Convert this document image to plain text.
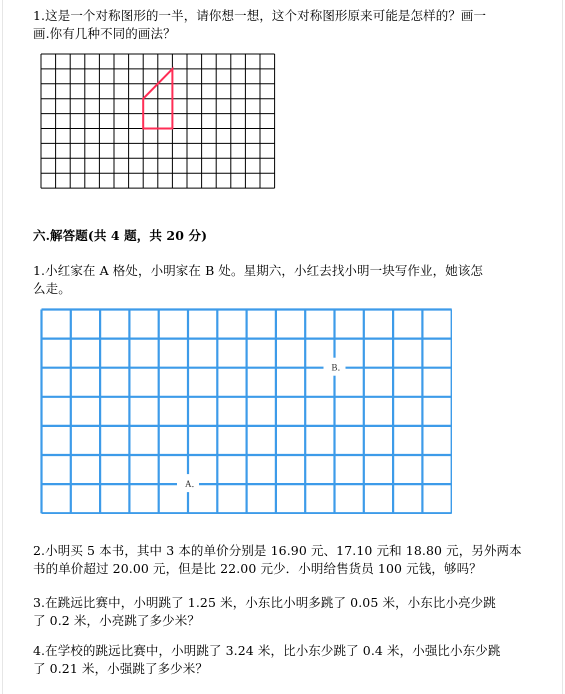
1.这是一个对称图形的一半，请你想一想，这个对称图形原来可能是怎样的？画一
画.你有几种不同的画法？
六.解答题(共 4 题，共 20 分)
1.小红家在 A 格处，小明家在 B 处。星期六，小红去找小明一块写作业，她该怎
么走。
B．
A．
2.小明买 5 本书，其中 3 本的单价分别是 16.90 元、17.10 元和 18.80 元，另外两本
书的单价超过 20.00 元，但是比 22.00 元少．小明给售货员 100 元钱，够吗？
3.在跳远比赛中，小明跳了 1.25 米，小东比小明多跳了 0.05 米，小东比小亮少跳
了 0.2 米，小亮跳了多少米？
4.在学校的跳远比赛中，小明跳了 3.24 米，比小东少跳了 0.4 米，小强比小东少跳
了 0.21 米，小强跳了多少米？
